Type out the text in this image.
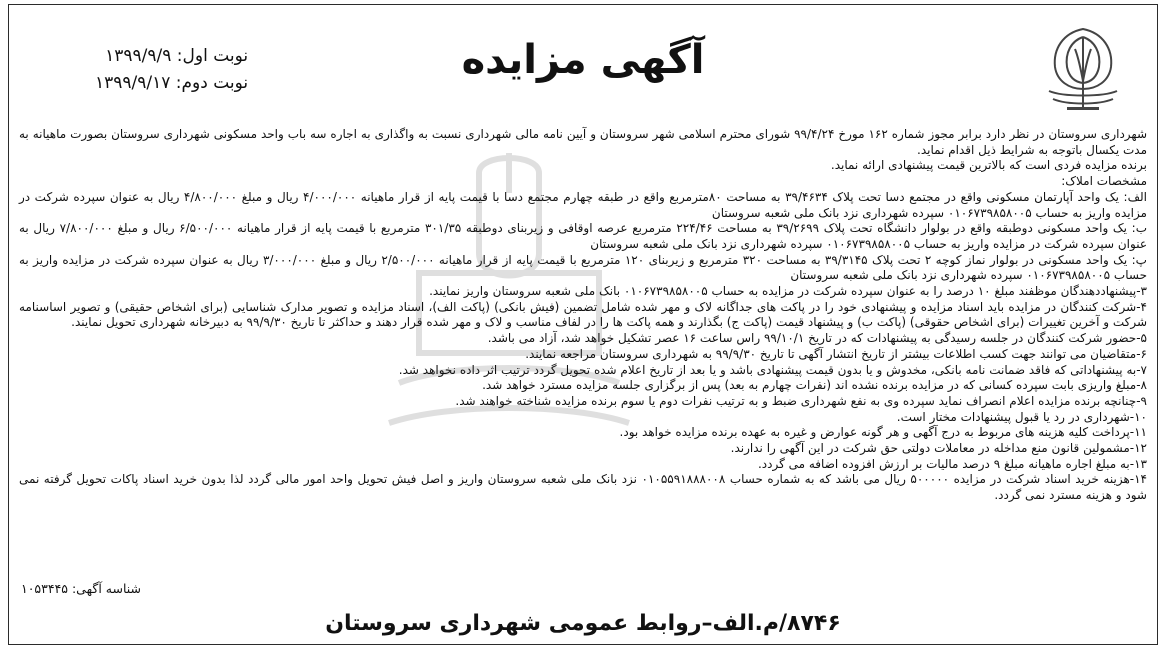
آگهی مزایده
نوبت اول: ۱۳۹۹/۹/۹
نوبت دوم: ۱۳۹۹/۹/۱۷

شهرداری سروستان در نظر دارد برابر مجوز شماره ۱۶۲ مورخ ۹۹/۴/۲۴ شورای محترم اسلامی شهر سروستان و آیین نامه مالی شهرداری نسبت به واگذاری به اجاره سه باب واحد مسکونی شهرداری سروستان بصورت ماهیانه به مدت یکسال باتوجه به شرایط ذیل اقدام نماید.

برنده مزایده فردی است که بالاترین قیمت پیشنهادی ارائه نماید.

مشخصات املاک:

الف: یک واحد آپارتمان مسکونی واقع در مجتمع دسا تحت پلاک ۳۹/۴۶۳۴ به مساحت ۸۰مترمربع واقع در طبقه چهارم مجتمع دسا با قیمت پایه از قرار ماهیانه ۴/۰۰۰/۰۰۰ ریال و مبلغ ۴/۸۰۰/۰۰۰ ریال به عنوان سپرده شرکت در مزایده واریز به حساب ۰۱۰۶۷۳۹۸۵۸۰۰۵ سپرده شهرداری نزد بانک ملی شعبه سروستان

ب: یک واحد مسکونی دوطبقه واقع در بولوار دانشگاه تحت پلاک ۳۹/۲۶۹۹ به مساحت ۲۲۴/۴۶ مترمربع عرصه اوقافی و زیربنای دوطبقه ۳۰۱/۳۵ مترمربع با قیمت پایه از قرار ماهیانه ۶/۵۰۰/۰۰۰ ریال و مبلغ ۷/۸۰۰/۰۰۰ ریال به عنوان سپرده شرکت در مزایده واریز به حساب ۰۱۰۶۷۳۹۸۵۸۰۰۵ سپرده شهرداری نزد بانک ملی شعبه سروستان

پ: یک واحد مسکونی در بولوار نماز کوچه ۲ تحت پلاک ۳۹/۳۱۴۵ به مساحت ۳۲۰ مترمربع و زیربنای ۱۲۰ مترمربع با قیمت پایه از قرار ماهیانه ۲/۵۰۰/۰۰۰ ریال و مبلغ ۳/۰۰۰/۰۰۰ ریال به عنوان سپرده شرکت در مزایده واریز به حساب ۰۱۰۶۷۳۹۸۵۸۰۰۵ سپرده شهرداری نزد بانک ملی شعبه سروستان

۳-پیشنهاددهندگان موظفند مبلغ ۱۰ درصد را به عنوان سپرده شرکت در مزایده به حساب ۰۱۰۶۷۳۹۸۵۸۰۰۵ بانک ملی شعبه سروستان واریز نمایند.

۴-شرکت کنندگان در مزایده باید اسناد مزایده و پیشنهادی خود را در پاکت های جداگانه لاک و مهر شده شامل تضمین (فیش بانکی) (پاکت الف)، اسناد مزایده و تصویر مدارک شناسایی (برای اشخاص حقیقی) و تصویر اساسنامه شرکت و آخرین تغییرات (برای اشخاص حقوقی) (پاکت ب) و پیشنهاد قیمت (پاکت ج) بگذارند و همه پاکت ها را در لفاف مناسب و لاک و مهر شده قرار دهند و حداکثر تا تاریخ ۹۹/۹/۳۰ به دبیرخانه شهرداری تحویل نمایند.

۵-حضور شرکت کنندگان در جلسه رسیدگی به پیشنهادات که در تاریخ ۹۹/۱۰/۱ راس ساعت ۱۶ عصر تشکیل خواهد شد، آزاد می باشد.

۶-متقاضیان می توانند جهت کسب اطلاعات بیشتر از تاریخ انتشار آگهی تا تاریخ ۹۹/۹/۳۰ به شهرداری سروستان مراجعه نمایند.

۷-به پیشنهاداتی که فاقد ضمانت نامه بانکی، مخدوش و یا بدون قیمت پیشنهادی باشد و یا بعد از تاریخ اعلام شده تحویل گردد ترتیب اثر داده نخواهد شد.

۸-مبلغ واریزی بابت سپرده کسانی که در مزایده برنده نشده اند (نفرات چهارم به بعد) پس از برگزاری جلسه مزایده مسترد خواهد شد.

۹-چنانچه برنده مزایده اعلام انصراف نماید سپرده وی به نفع شهرداری ضبط و به ترتیب نفرات دوم یا سوم برنده مزایده شناخته خواهند شد.

۱۰-شهرداری در رد یا قبول پیشنهادات مختار است.

۱۱-پرداخت کلیه هزینه های مربوط به درج آگهی و هر گونه عوارض و غیره به عهده برنده مزایده خواهد بود.

۱۲-مشمولین قانون منع مداخله در معاملات دولتی حق شرکت در این آگهی را ندارند.

۱۳-به مبلغ اجاره ماهیانه مبلغ ۹ درصد مالیات بر ارزش افزوده اضافه می گردد.

۱۴-هزینه خرید اسناد شرکت در مزایده ۵۰۰۰۰۰ ریال می باشد که به شماره حساب ۰۱۰۵۵۹۱۸۸۸۰۰۸ نزد بانک ملی شعبه سروستان واریز و اصل فیش تحویل واحد امور مالی گردد لذا بدون خرید اسناد پاکات تحویل گرفته نمی شود و هزینه مسترد نمی گردد.

شناسه آگهی: ۱۰۵۳۴۴۵
۸۷۴۶/م.الف–روابط عمومی شهرداری سروستان
